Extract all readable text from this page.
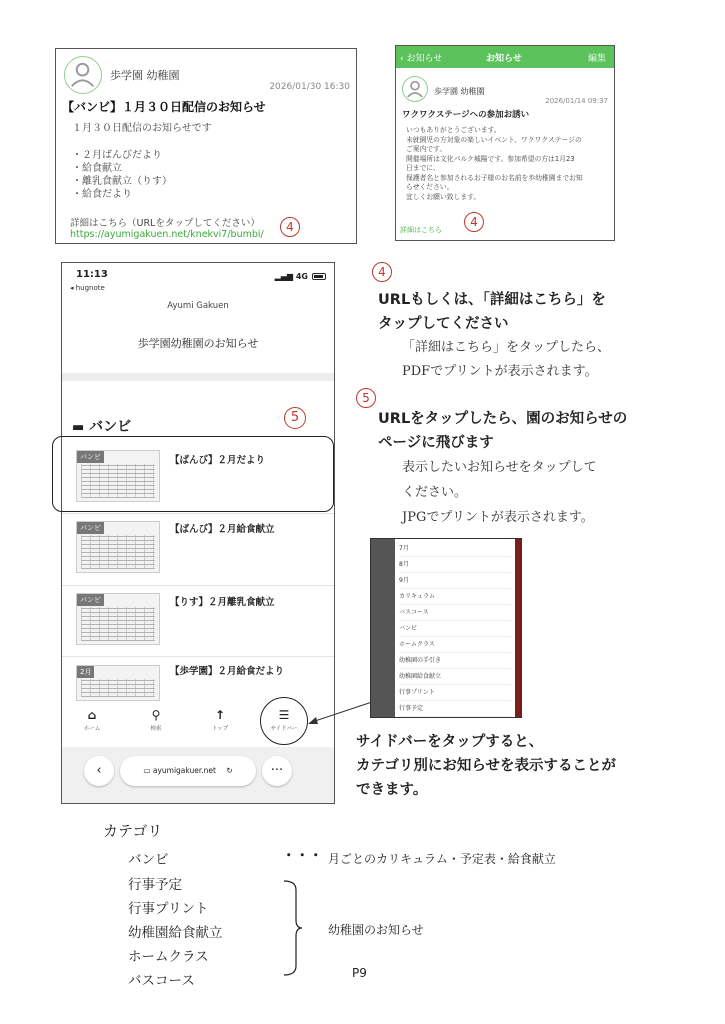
歩学園 幼稚園
2026/01/30 16:30
【バンビ】１月３０日配信のお知らせ
１月３０日配信のお知らせです
・２月ばんびだより
・給食献立
・離乳食献立（りす）
・給食だより
詳細はこちら（URLをタップしてください）
https://ayumigakuen.net/knekvi7/bumbi/
4
‹ お知らせ	お知らせ	編集
歩学園 幼稚園
2026/01/14 09:37
ワクワクステージへの参加お誘い
いつもありがとうございます。
未就園児の方対象の楽しいイベント、ワクワクステージの
ご案内です。
開催場所は文化パルク城陽です。参加希望の方は1月23
日までに、
保護者名と参加されるお子様のお名前を歩幼稚園までお知
らせください。
宜しくお願い致します。
詳細はこちら
4
11:13
◂ hugnote
▂▄▆ 4G
Ayumi Gakuen
歩学園幼稚園のお知らせ
▬ バンビ
5
バンビ	【ばんび】２月だより
バンビ	【ばんび】２月給食献立
バンビ	【りす】２月離乳食献立
2月	【歩学園】２月給食だより
⌂
ホーム
⚲
検索
↑
トップ
☰
サイドバー
‹	▭ ayumigakuer.net ↻	···
4
URLもしくは、「詳細はこちら」を
タップしてください
「詳細はこちら」をタップしたら、
PDFでプリントが表示されます。
5
URLをタップしたら、園のお知らせの
ページに飛びます
表示したいお知らせをタップして
ください。
JPGでプリントが表示されます。
7月
8月
9月
カリキュラム
バスコース
バンビ
ホームクラス
幼稚園の手引き
幼稚園給食献立
行事プリント
行事予定
サイドバーをタップすると、
カテゴリ別にお知らせを表示することが
できます。
カテゴリ
バンビ	・・・ 月ごとのカリキュラム・予定表・給食献立
行事予定
行事プリント
幼稚園給食献立
ホームクラス
バスコース
幼稚園のお知らせ
P9
